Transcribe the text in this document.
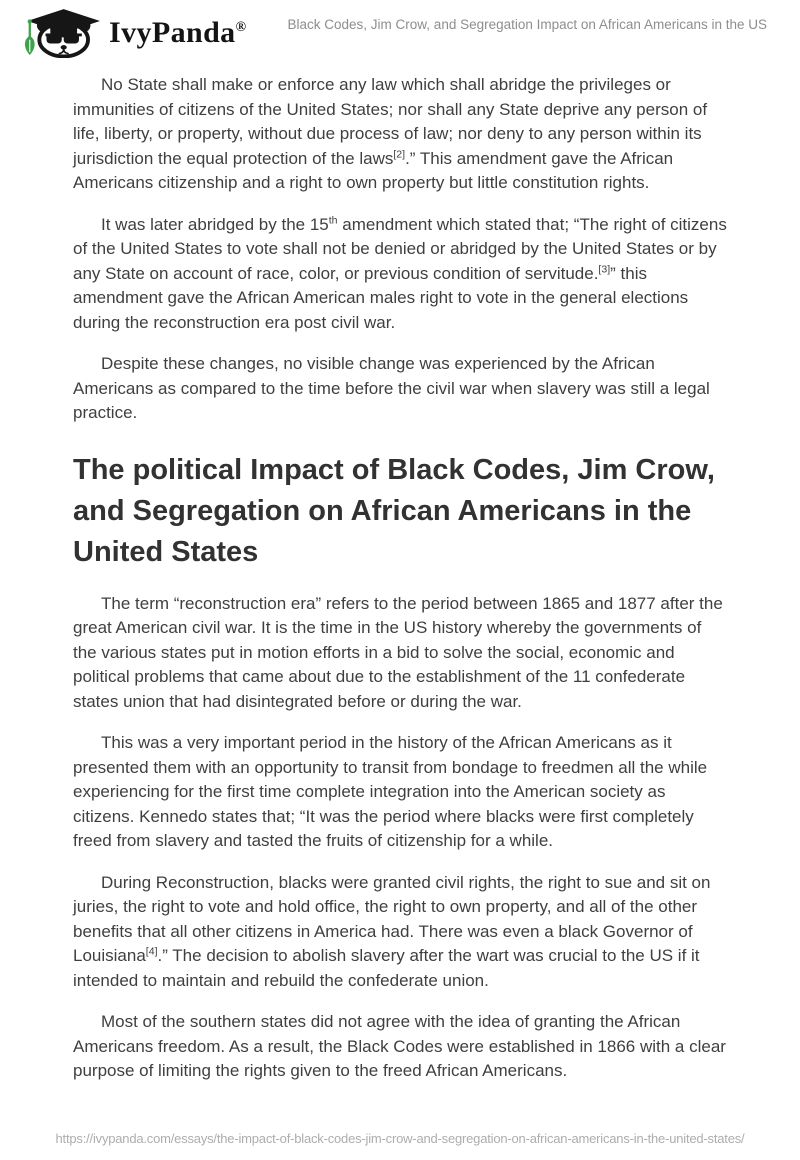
IvyPanda®	Black Codes, Jim Crow, and Segregation Impact on African Americans in the US

No State shall make or enforce any law which shall abridge the privileges or immunities of citizens of the United States; nor shall any State deprive any person of life, liberty, or property, without due process of law; nor deny to any person within its jurisdiction the equal protection of the laws[2].” This amendment gave the African Americans citizenship and a right to own property but little constitution rights.

It was later abridged by the 15th amendment which stated that; “The right of citizens of the United States to vote shall not be denied or abridged by the United States or by any State on account of race, color, or previous condition of servitude.[3]” this amendment gave the African American males right to vote in the general elections during the reconstruction era post civil war.

Despite these changes, no visible change was experienced by the African Americans as compared to the time before the civil war when slavery was still a legal practice.

The political Impact of Black Codes, Jim Crow, and Segregation on African Americans in the United States

The term “reconstruction era” refers to the period between 1865 and 1877 after the great American civil war. It is the time in the US history whereby the governments of the various states put in motion efforts in a bid to solve the social, economic and political problems that came about due to the establishment of the 11 confederate states union that had disintegrated before or during the war.

This was a very important period in the history of the African Americans as it presented them with an opportunity to transit from bondage to freedmen all the while experiencing for the first time complete integration into the American society as citizens. Kennedo states that; “It was the period where blacks were first completely freed from slavery and tasted the fruits of citizenship for a while.

During Reconstruction, blacks were granted civil rights, the right to sue and sit on juries, the right to vote and hold office, the right to own property, and all of the other benefits that all other citizens in America had. There was even a black Governor of Louisiana[4].” The decision to abolish slavery after the wart was crucial to the US if it intended to maintain and rebuild the confederate union.

Most of the southern states did not agree with the idea of granting the African Americans freedom. As a result, the Black Codes were established in 1866 with a clear purpose of limiting the rights given to the freed African Americans.

https://ivypanda.com/essays/the-impact-of-black-codes-jim-crow-and-segregation-on-african-americans-in-the-united-states/
